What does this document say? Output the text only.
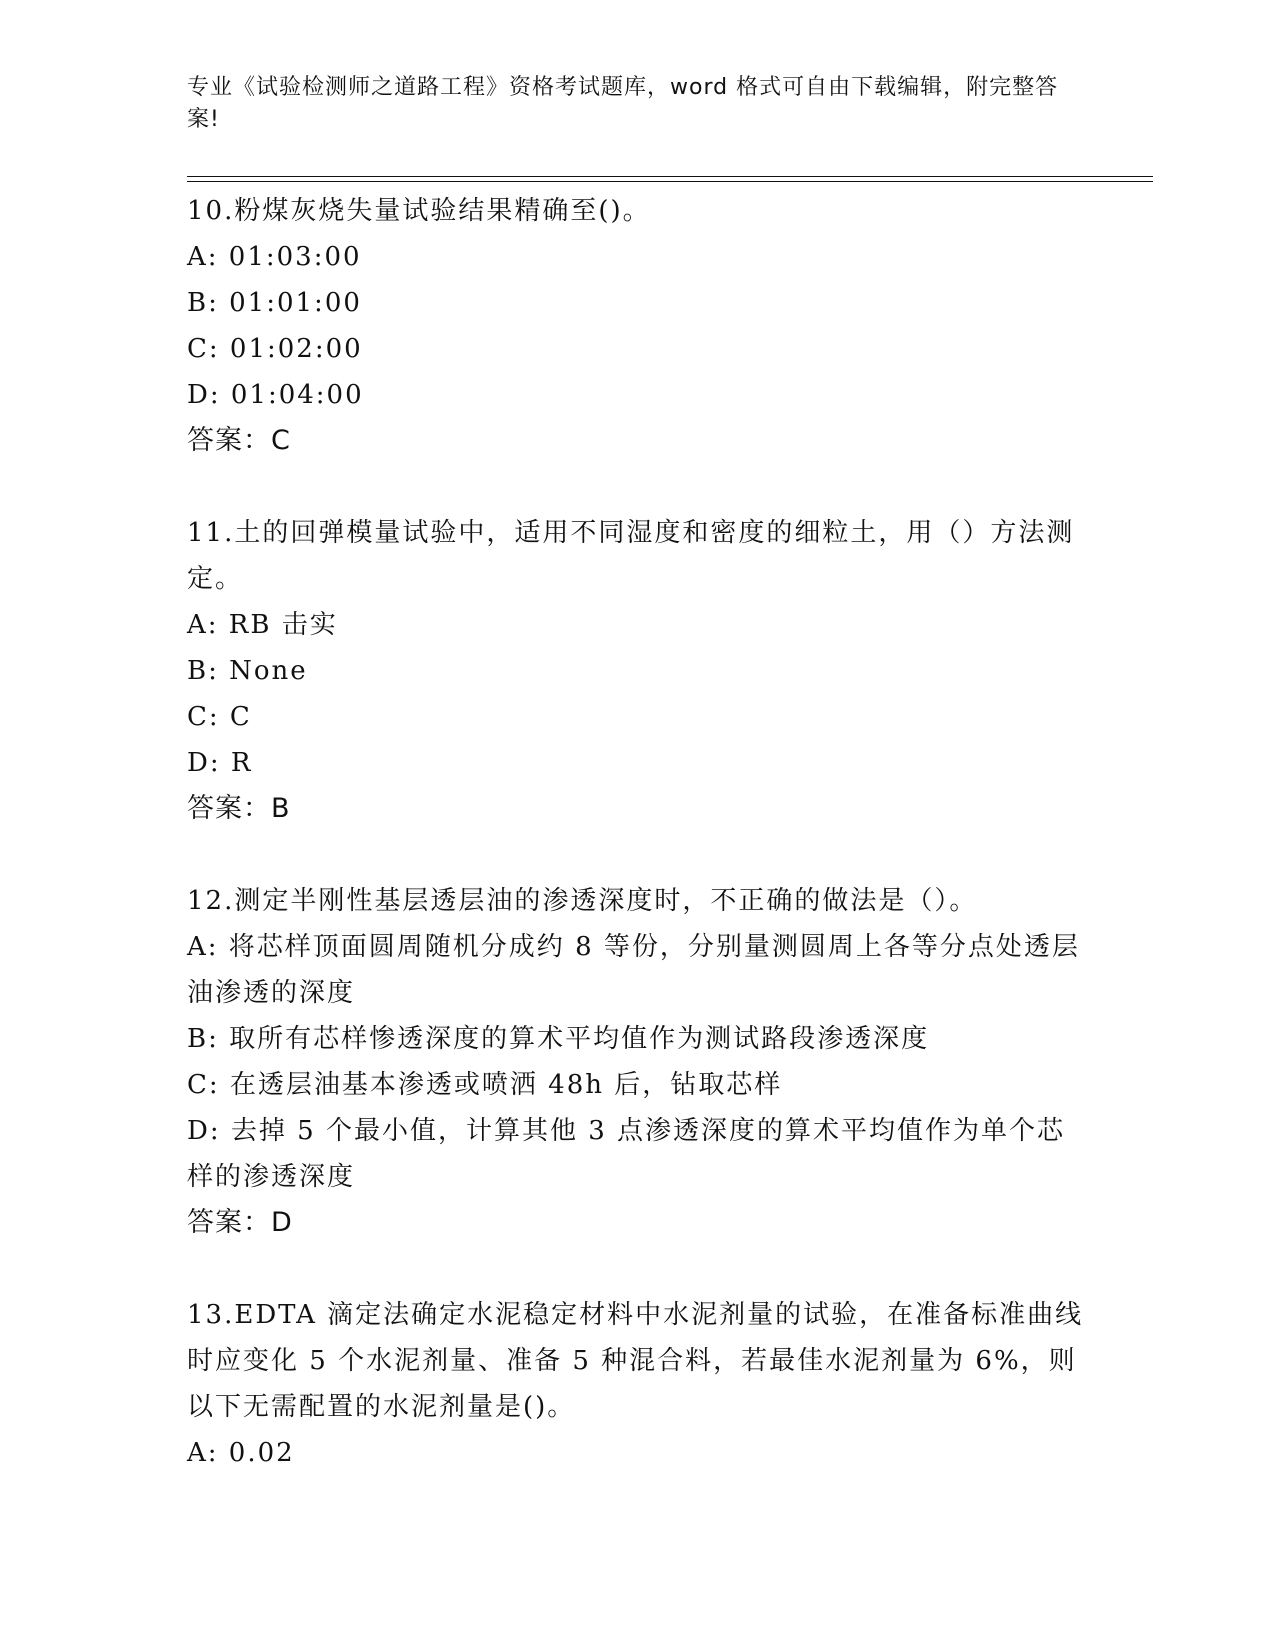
专业《试验检测师之道路工程》资格考试题库，word 格式可自由下载编辑，附完整答案!

10.粉煤灰烧失量试验结果精确至()。

A: 01:03:00

B: 01:01:00

C: 01:02:00

D: 01:04:00

答案：C

11.土的回弹模量试验中，适用不同湿度和密度的细粒土，用（）方法测定。

A: RB 击实

B: None

C: C

D: R

答案：B

12.测定半刚性基层透层油的渗透深度时，不正确的做法是（）。

A: 将芯样顶面圆周随机分成约 8 等份，分别量测圆周上各等分点处透层油渗透的深度

B: 取所有芯样惨透深度的算术平均值作为测试路段渗透深度

C: 在透层油基本渗透或喷洒 48h 后，钻取芯样

D: 去掉 5 个最小值，计算其他 3 点渗透深度的算术平均值作为单个芯样的渗透深度

答案：D

13.EDTA 滴定法确定水泥稳定材料中水泥剂量的试验，在准备标准曲线时应变化 5 个水泥剂量、准备 5 种混合料，若最佳水泥剂量为 6%，则以下无需配置的水泥剂量是()。

A: 0.02
